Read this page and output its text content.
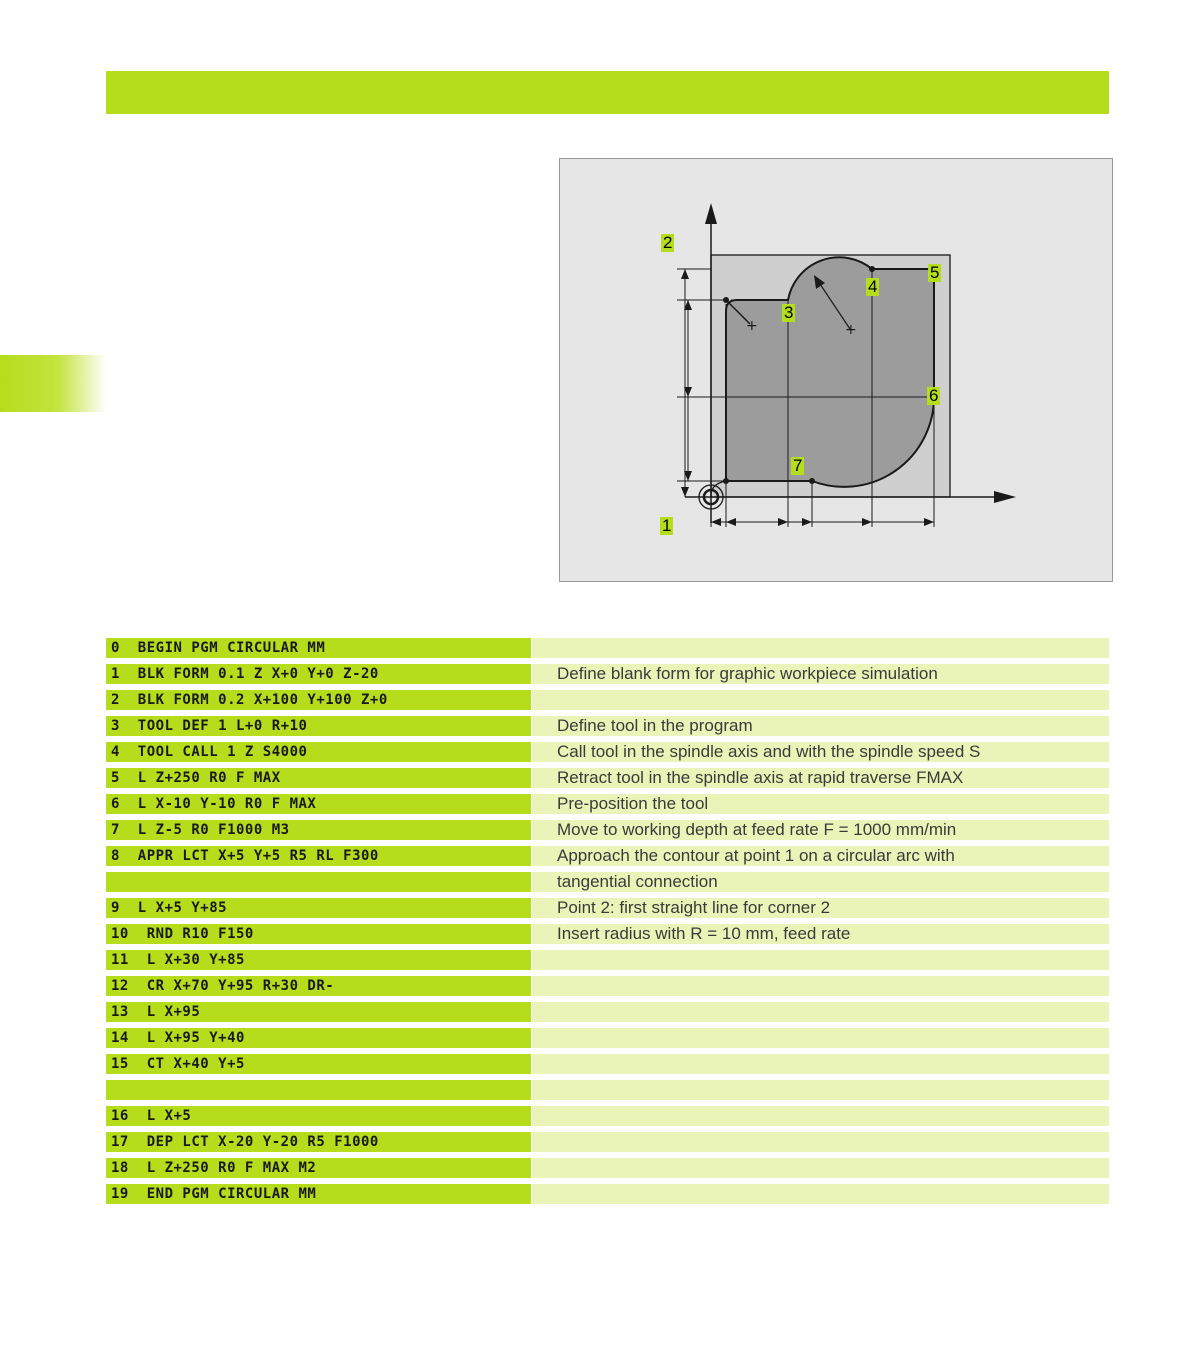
+	+
1
2
3
4
5
6
7
0  BEGIN PGM CIRCULAR MM
1  BLK FORM 0.1 Z X+0 Y+0 Z-20	Define blank form for graphic workpiece simulation
2  BLK FORM 0.2 X+100 Y+100 Z+0
3  TOOL DEF 1 L+0 R+10	Define tool in the program
4  TOOL CALL 1 Z S4000	Call tool in the spindle axis and with the spindle speed S
5  L Z+250 R0 F MAX	Retract tool in the spindle axis at rapid traverse FMAX
6  L X-10 Y-10 R0 F MAX	Pre-position the tool
7  L Z-5 R0 F1000 M3	Move to working depth at feed rate F = 1000 mm/min
8  APPR LCT X+5 Y+5 R5 RL F300	Approach the contour at point 1 on a circular arc with
tangential connection
9  L X+5 Y+85	Point 2: first straight line for corner 2
10  RND R10 F150	Insert radius with R = 10 mm, feed rate
11  L X+30 Y+85
12  CR X+70 Y+95 R+30 DR-
13  L X+95
14  L X+95 Y+40
15  CT X+40 Y+5
16  L X+5
17  DEP LCT X-20 Y-20 R5 F1000
18  L Z+250 R0 F MAX M2
19  END PGM CIRCULAR MM
